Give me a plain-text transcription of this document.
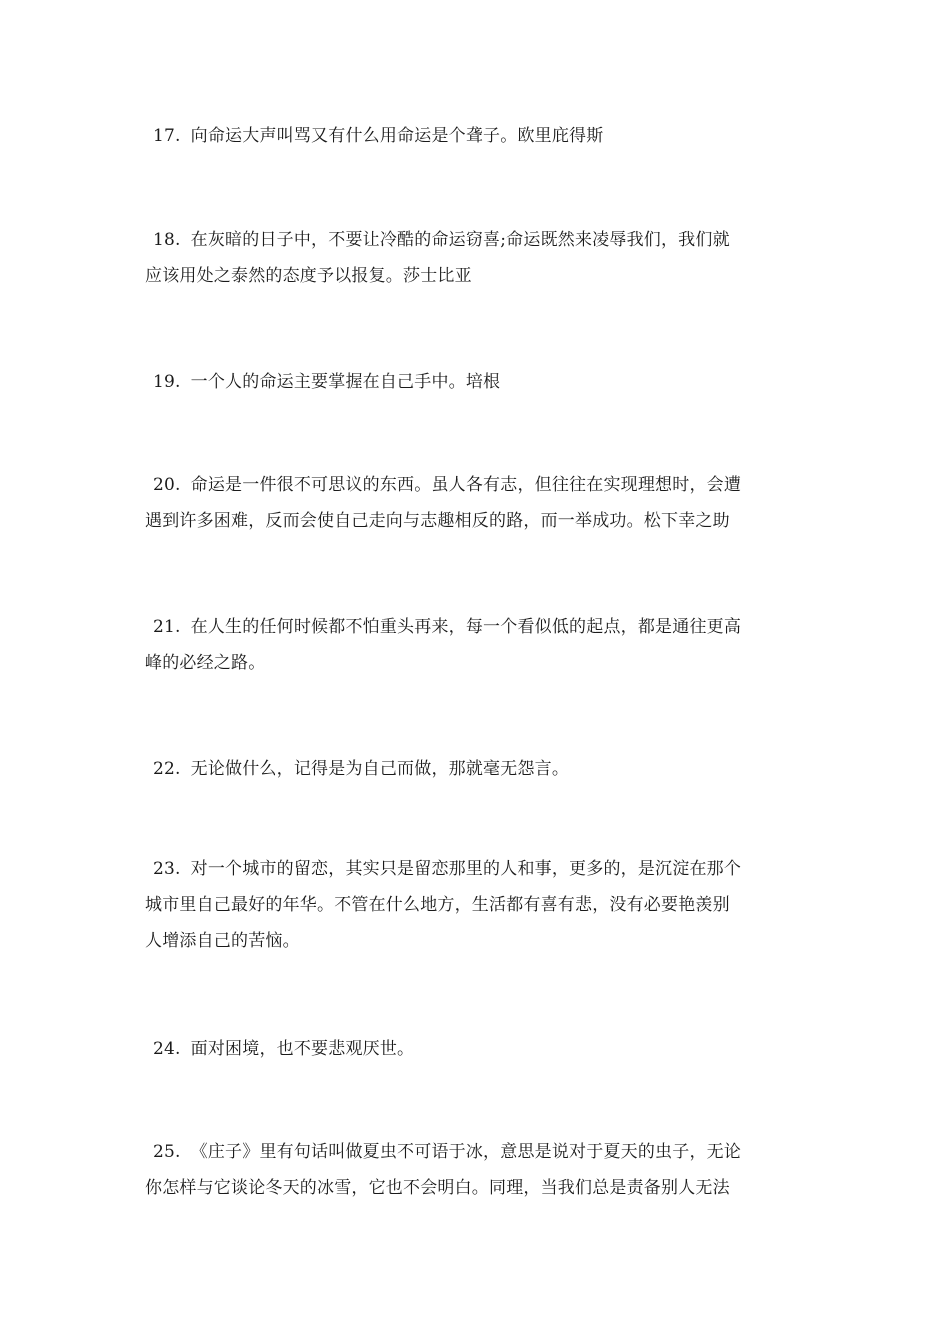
17. 向命运大声叫骂又有什么用命运是个聋子。欧里庇得斯

18. 在灰暗的日子中，不要让冷酷的命运窃喜;命运既然来凌辱我们，我们就
应该用处之泰然的态度予以报复。莎士比亚

19. 一个人的命运主要掌握在自己手中。培根

20. 命运是一件很不可思议的东西。虽人各有志，但往往在实现理想时，会遭
遇到许多困难，反而会使自己走向与志趣相反的路，而一举成功。松下幸之助

21. 在人生的任何时候都不怕重头再来，每一个看似低的起点，都是通往更高
峰的必经之路。

22. 无论做什么，记得是为自己而做，那就毫无怨言。

23. 对一个城市的留恋，其实只是留恋那里的人和事，更多的，是沉淀在那个
城市里自己最好的年华。不管在什么地方，生活都有喜有悲，没有必要艳羡别
人增添自己的苦恼。

24. 面对困境，也不要悲观厌世。

25. 《庄子》里有句话叫做夏虫不可语于冰，意思是说对于夏天的虫子，无论
你怎样与它谈论冬天的冰雪，它也不会明白。同理，当我们总是责备别人无法
